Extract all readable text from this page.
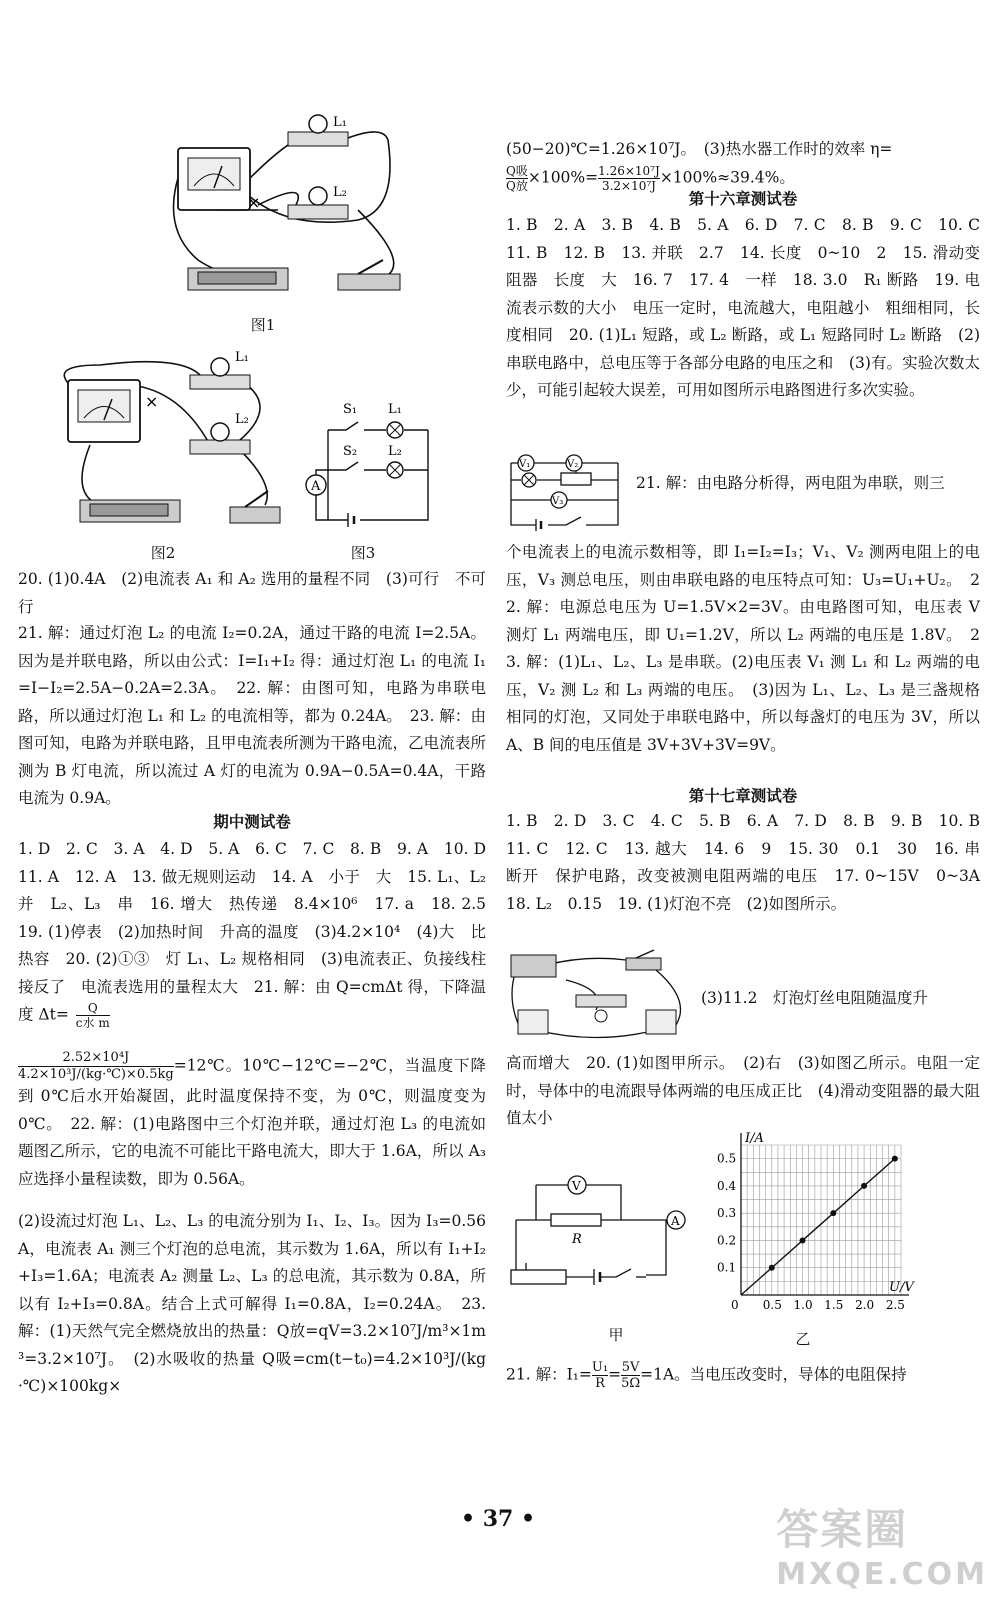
×
L₁
L₂
图1
×
L₁
L₂
图2
A
S₁
S₂
L₁
L₂
图3
20. (1)0.4A　(2)电流表 A₁ 和 A₂ 选用的量程不同　(3)可行　不可行
21. 解：通过灯泡 L₂ 的电流 I₂=0.2A，通过干路的电流 I=2.5A。因为是并联电路，所以由公式：I=I₁+I₂ 得：通过灯泡 L₁ 的电流 I₁=I−I₂=2.5A−0.2A=2.3A。　22. 解：由图可知，电路为串联电路，所以通过灯泡 L₁ 和 L₂ 的电流相等，都为 0.24A。　23. 解：由图可知，电路为并联电路，且甲电流表所测为干路电流，乙电流表所测为 B 灯电流，所以流过 A 灯的电流为 0.9A−0.5A=0.4A，干路电流为 0.9A。
期中测试卷
1. D　2. C　3. A　4. D　5. A　6. C　7. C　8. B　9. A　10. D　11. A　12. A　13. 做无规则运动　14. A　小于　大　15. L₁、L₂　并　L₂、L₃　串　16. 增大　热传递　8.4×10⁶　17. a　18. 2.5　19. (1)停表　(2)加热时间　升高的温度　(3)4.2×10⁴　(4)大　比热容　20. (2)①③　灯 L₁、L₂ 规格相同　(3)电流表正、负接线柱接反了　电流表选用的量程太大　21. 解：由 Q=cmΔt 得，下降温度 Δt=	Q
c水 m
$\frac{\text{2.52×10⁴J}}{\text{4.2×10³J/(kg·℃)×0.5kg}}$ =12℃。10℃−12℃=−2℃，当温度下降到 0℃后水开始凝固，此时温度保持不变，为 0℃，则温度变为 0℃。　22. 解：(1)电路图中三个灯泡并联，通过灯泡 L₃ 的电流如题图乙所示，它的电流不可能比干路电流大，即大于 1.6A，所以 A₃ 应选择小量程读数，即为 0.56A。
(2)设流过灯泡 L₁、L₂、L₃ 的电流分别为 I₁、I₂、I₃。因为 I₃=0.56A，电流表 A₁ 测三个灯泡的总电流，其示数为 1.6A，所以有 I₁+I₂+I₃=1.6A；电流表 A₂ 测量 L₂、L₃ 的总电流，其示数为 0.8A，所以有 I₂+I₃=0.8A。结合上式可解得 I₁=0.8A，I₂=0.24A。　23. 解：(1)天然气完全燃烧放出的热量：Q放=qV=3.2×10⁷J/m³×1m³=3.2×10⁷J。　(2)水吸收的热量 Q吸=cm(t−t₀)=4.2×10³J/(kg·℃)×100kg×
(50−20)℃=1.26×10⁷J。　(3)热水器工作时的效率 η=
Q吸
Q放 $\times 100\%= \frac{\text{1.26×10⁷J}}{\text{3.2×10⁷J}} \times 100\%\approx 39.4\%$。
第十六章测试卷
1. B　2. A　3. B　4. B　5. A　6. D　7. C　8. B　9. C　10. C　11. B　12. B　13. 并联　2.7　14. 长度　0~10　2　15. 滑动变阻器　长度　大　16. 7　17. 4　一样　18. 3.0　R₁ 断路　19. 电流表示数的大小　电压一定时，电流越大，电阻越小　粗细相同，长度相同　20. (1)L₁ 短路，或 L₂ 断路，或 L₁ 短路同时 L₂ 断路　(2)串联电路中，总电压等于各部分电路的电压之和　(3)有。实验次数太少，可能引起较大误差，可用如图所示电路图进行多次实验。
V₁	V₂
V₃
21. 解：由电路分析得，两电阻为串联，则三
个电流表上的电流示数相等，即 I₁=I₂=I₃；V₁、V₂ 测两电阻上的电压，V₃ 测总电压，则由串联电路的电压特点可知：U₃=U₁+U₂。　22. 解：电源总电压为 U=1.5V×2=3V。由电路图可知，电压表 V 测灯 L₁ 两端电压，即 U₁=1.2V，所以 L₂ 两端的电压是 1.8V。　23. 解：(1)L₁、L₂、L₃ 是串联。(2)电压表 V₁ 测 L₁ 和 L₂ 两端的电压，V₂ 测 L₂ 和 L₃ 两端的电压。　(3)因为 L₁、L₂、L₃ 是三盏规格相同的灯泡，又同处于串联电路中，所以每盏灯的电压为 3V，所以 A、B 间的电压值是 3V+3V+3V=9V。
第十七章测试卷
1. B　2. D　3. C　4. C　5. B　6. A　7. D　8. B　9. B　10. B　11. C　12. C　13. 越大　14. 6　9　15. 30　0.1　30　16. 串　断开　保护电路，改变被测电阻两端的电压　17. 0~15V　0~3A　18. L₂　0.15　19. (1)灯泡不亮　(2)如图所示。
(3)11.2　灯泡灯丝电阻随温度升
高而增大　20. (1)如图甲所示。　(2)右　(3)如图乙所示。电阻一定时，导体中的电流跟导体两端的电压成正比　(4)滑动变阻器的最大阻值太小
V
A
R
甲
0 0.5 1.0 1.5 2.0 2.5
0.1
0.2
0.3
0.4
0.5
I/A
U/V
乙
21. 解：$I_1= \frac{\text{U₁}}{R} = \frac{5V}{5\Omega} =1A$。当电压改变时，导体的电阻保持
• 37 •	答案圈
MXQE.COM
